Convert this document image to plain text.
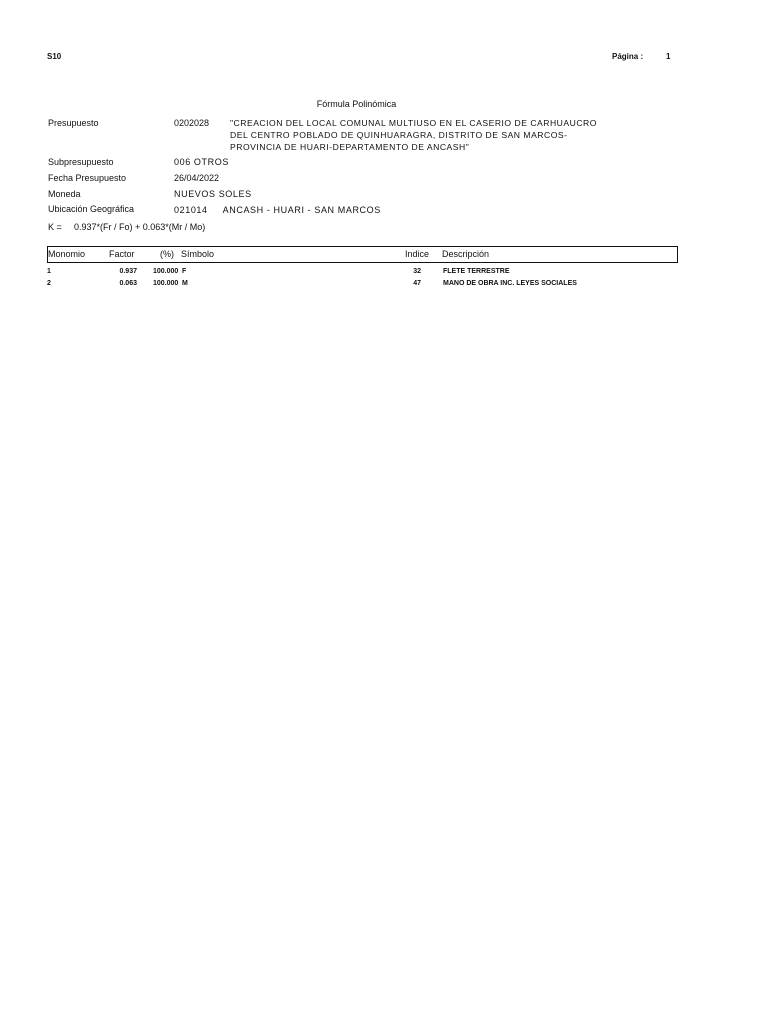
S10	Página :	1
Fórmula Polinómica
Presupuesto	0202028 "CREACION DEL LOCAL COMUNAL MULTIUSO EN EL CASERIO DE CARHUAUCRO DEL CENTRO POBLADO DE QUINHUARAGRA, DISTRITO DE SAN MARCOS-PROVINCIA DE HUARI-DEPARTAMENTO DE ANCASH"
Subpresupuesto	006 OTROS
Fecha Presupuesto	26/04/2022
Moneda	NUEVOS SOLES
Ubicación Geográfica	021014     ANCASH - HUARI - SAN MARCOS
K = 0.937*(Fr / Fo) + 0.063*(Mr / Mo)
Monomio	Factor	(%) Símbolo	Indice Descripción
1	0.937 100.000 F	32	FLETE TERRESTRE
2	0.063 100.000 M	47	MANO DE OBRA INC. LEYES SOCIALES
